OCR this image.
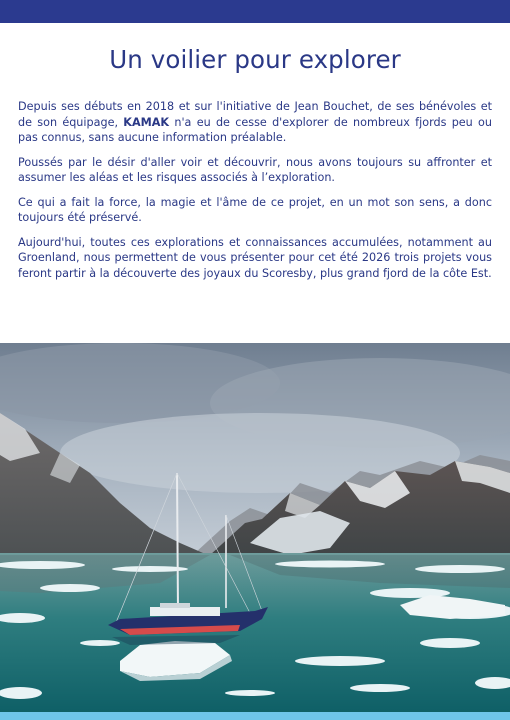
Un voilier pour explorer

Depuis ses débuts en 2018 et sur l'initiative de Jean Bouchet, de ses bénévoles et de son équipage, KAMAK n'a eu de cesse d'explorer de nombreux fjords peu ou pas connus, sans aucune information préalable.

Poussés par le désir d'aller voir et découvrir, nous avons toujours su affronter et assumer les aléas et les risques associés à l’exploration.

Ce qui a fait la force, la magie et l'âme de ce projet, en un mot son sens, a donc toujours été préservé.

Aujourd'hui, toutes ces explorations et connaissances accumulées, notamment au Groenland, nous permettent de vous présenter pour cet été 2026 trois projets vous feront partir à la découverte des joyaux du Scoresby, plus grand fjord de la côte Est.
